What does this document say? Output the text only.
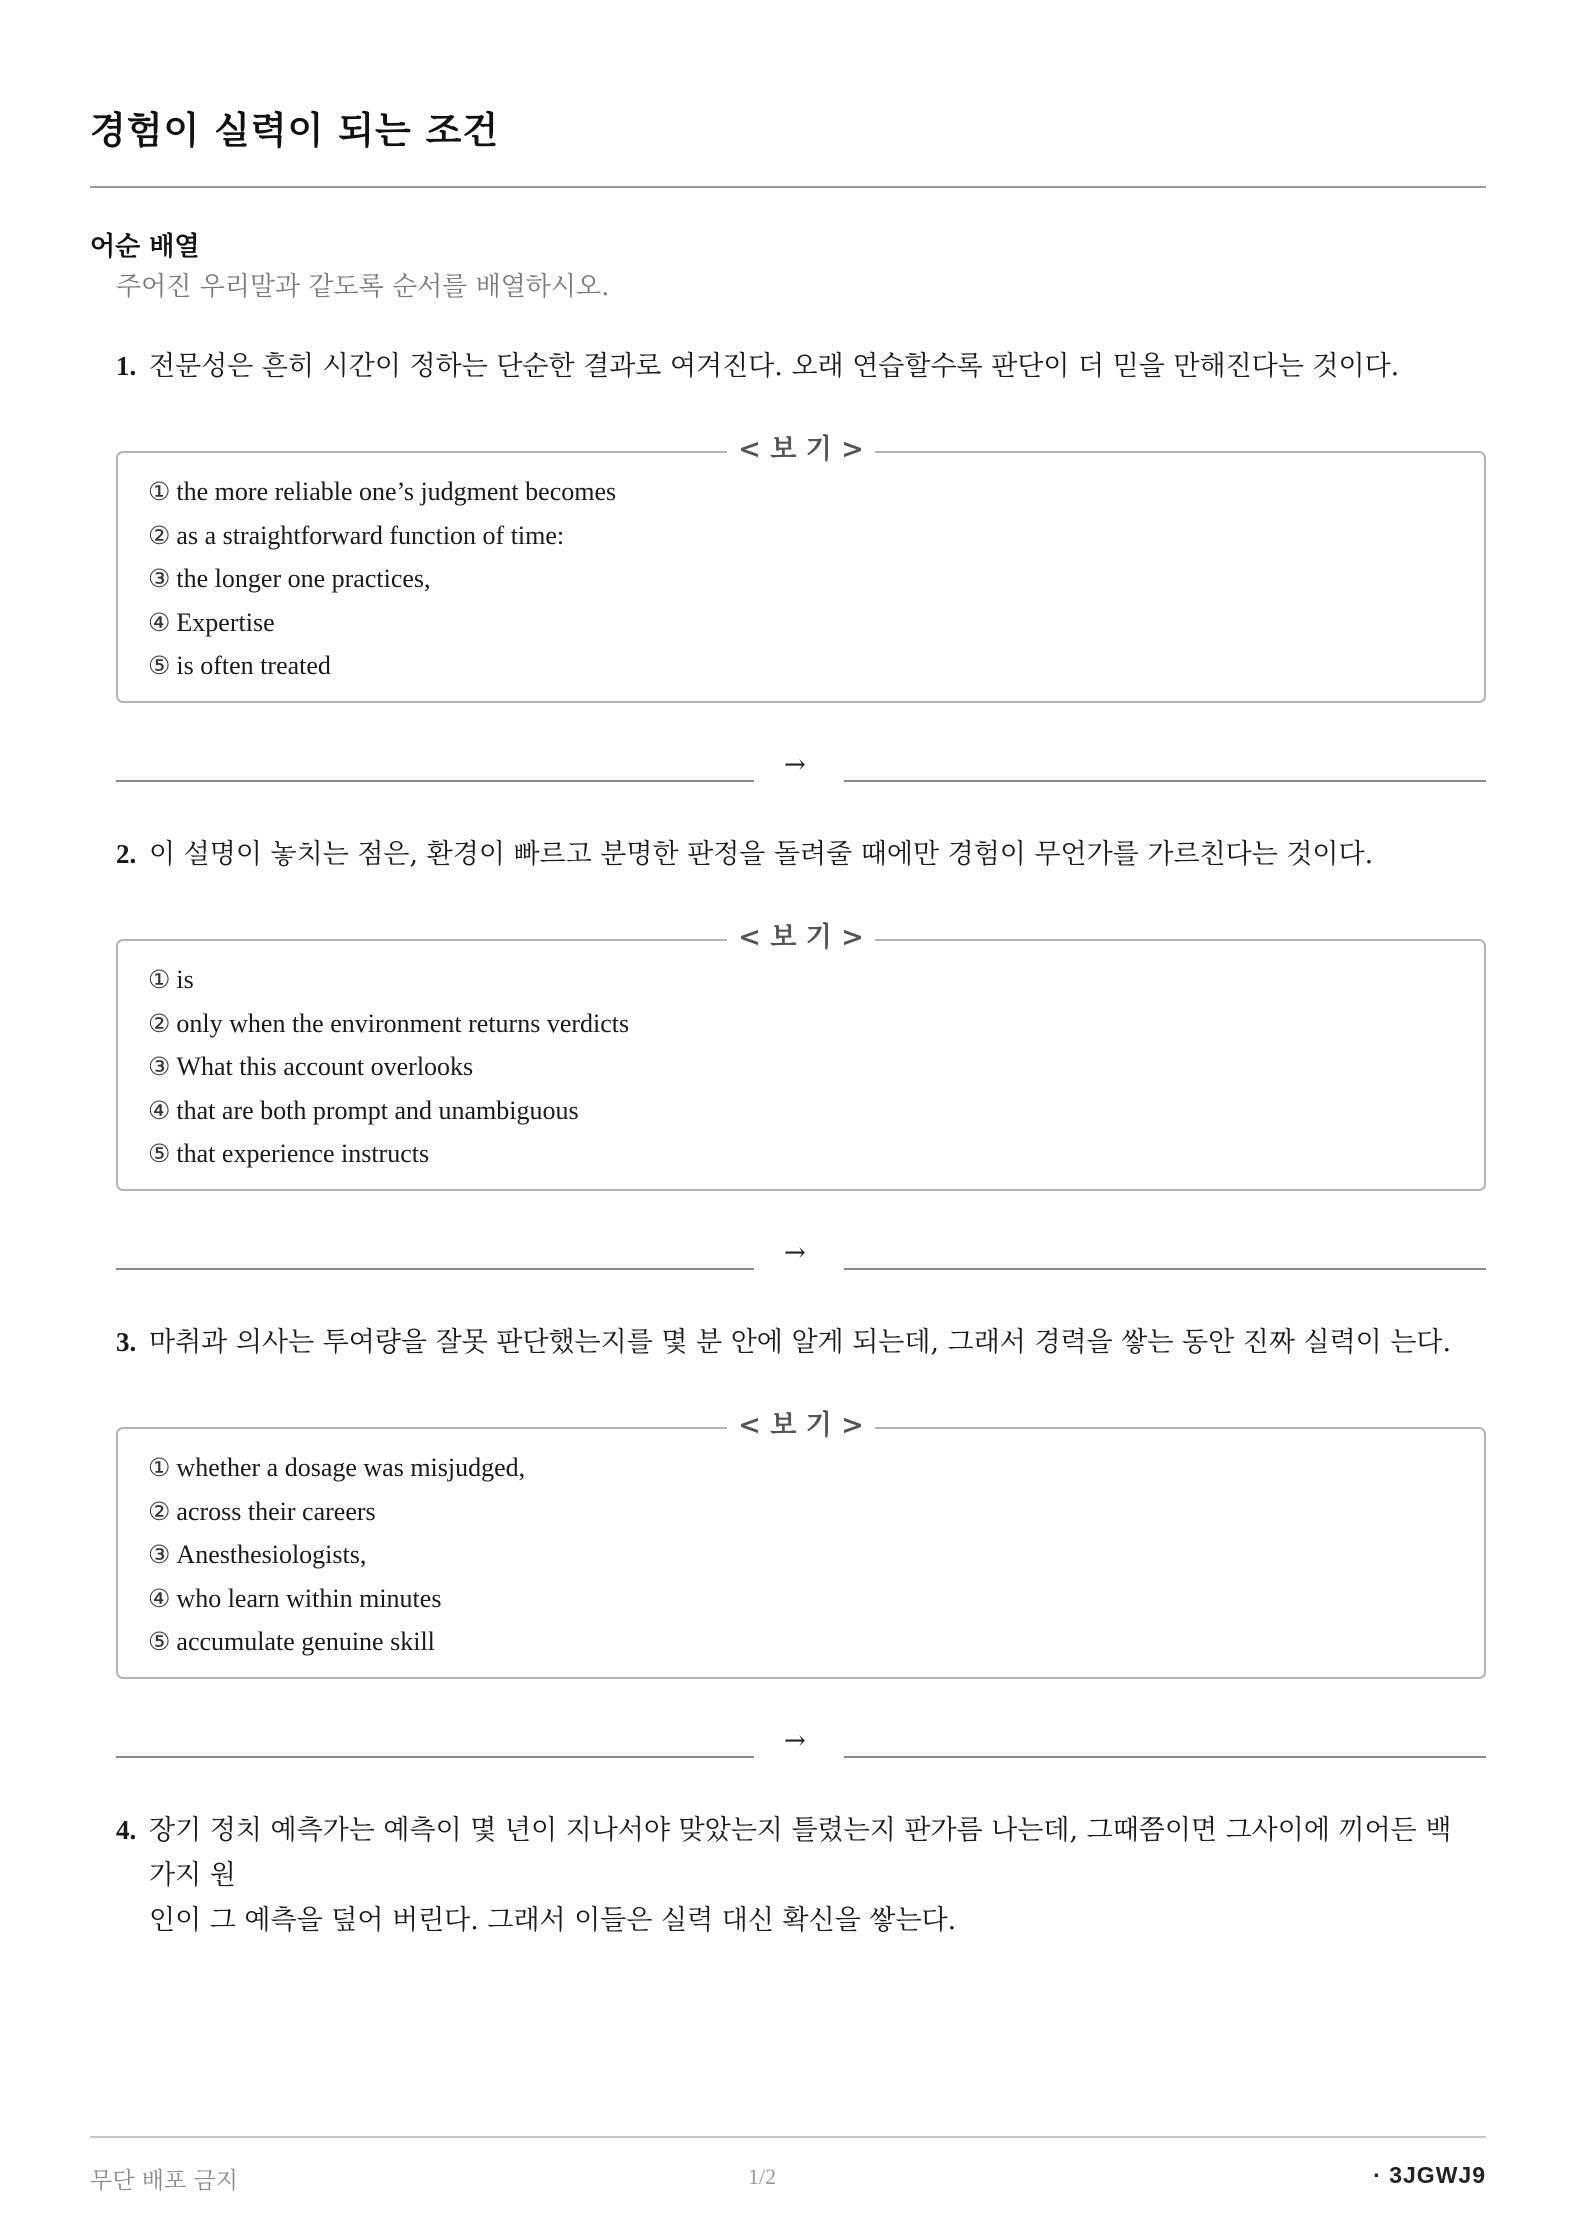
경험이 실력이 되는 조건
어순 배열
주어진 우리말과 같도록 순서를 배열하시오.
1. 전문성은 흔히 시간이 정하는 단순한 결과로 여겨진다. 오래 연습할수록 판단이 더 믿을 만해진다는 것이다.
< 보 기 >
① the more reliable one’s judgment becomes
② as a straightforward function of time:
③ the longer one practices,
④ Expertise
⑤ is often treated
→
2. 이 설명이 놓치는 점은, 환경이 빠르고 분명한 판정을 돌려줄 때에만 경험이 무언가를 가르친다는 것이다.
< 보 기 >
① is
② only when the environment returns verdicts
③ What this account overlooks
④ that are both prompt and unambiguous
⑤ that experience instructs
→
3. 마취과 의사는 투여량을 잘못 판단했는지를 몇 분 안에 알게 되는데, 그래서 경력을 쌓는 동안 진짜 실력이 는다.
< 보 기 >
① whether a dosage was misjudged,
② across their careers
③ Anesthesiologists,
④ who learn within minutes
⑤ accumulate genuine skill
→
4. 장기 정치 예측가는 예측이 몇 년이 지나서야 맞았는지 틀렸는지 판가름 나는데, 그때쯤이면 그사이에 끼어든 백 가지 원
인이 그 예측을 덮어 버린다. 그래서 이들은 실력 대신 확신을 쌓는다.
무단 배포 금지	1/2	· 3JGWJ9
